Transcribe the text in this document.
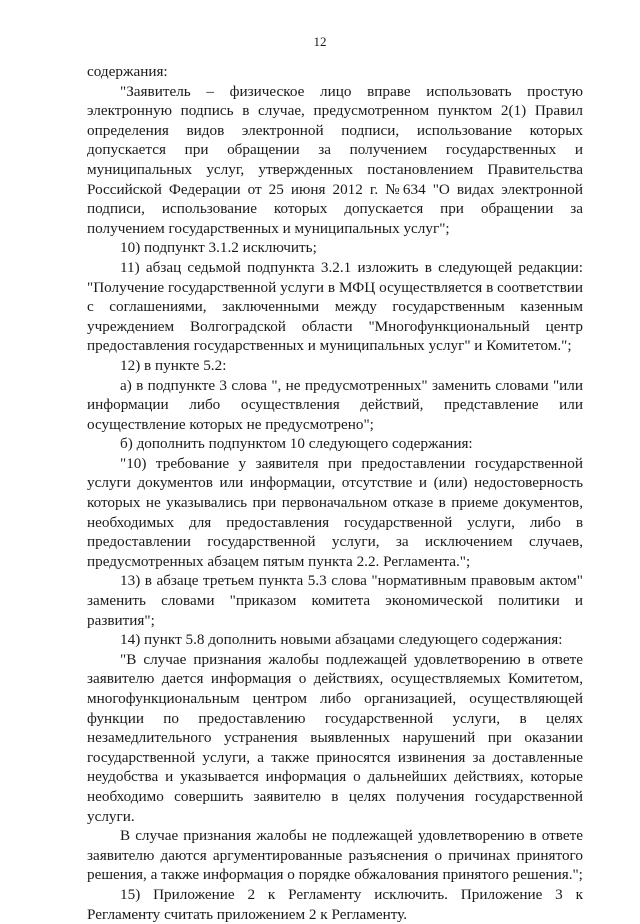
12

содержания:

"Заявитель – физическое лицо вправе использовать простую электронную подпись в случае, предусмотренном пунктом 2(1) Правил определения видов электронной подписи, использование которых допускается при обращении за получением государственных и муниципальных услуг, утвержденных постановлением Правительства Российской Федерации от 25 июня 2012 г. №634 "О видах электронной подписи, использование которых допускается при обращении за получением государственных и муниципальных услуг";

10) подпункт 3.1.2 исключить;

11) абзац седьмой подпункта 3.2.1 изложить в следующей редакции: "Получение государственной услуги в МФЦ осуществляется в соответствии с соглашениями, заключенными между государственным казенным учреждением Волгоградской области "Многофункциональный центр предоставления государственных и муниципальных услуг" и Комитетом.";

12) в пункте 5.2:

а) в подпункте 3 слова ", не предусмотренных" заменить словами "или информации либо осуществления действий, представление или осуществление которых не предусмотрено";

б) дополнить подпунктом 10 следующего содержания:

"10) требование у заявителя при предоставлении государственной услуги документов или информации, отсутствие и (или) недостоверность которых не указывались при первоначальном отказе в приеме документов, необходимых для предоставления государственной услуги, либо в предоставлении государственной услуги, за исключением случаев, предусмотренных абзацем пятым пункта 2.2. Регламента.";

13) в абзаце третьем пункта 5.3 слова "нормативным правовым актом" заменить словами "приказом комитета экономической политики и развития";

14) пункт 5.8 дополнить новыми абзацами следующего содержания:

"В случае признания жалобы подлежащей удовлетворению в ответе заявителю дается информация о действиях, осуществляемых Комитетом, многофункциональным центром либо организацией, осуществляющей функции по предоставлению государственной услуги, в целях незамедлительного устранения выявленных нарушений при оказании государственной услуги, а также приносятся извинения за доставленные неудобства и указывается информация о дальнейших действиях, которые необходимо совершить заявителю в целях получения государственной услуги.

В случае признания жалобы не подлежащей удовлетворению в ответе заявителю даются аргументированные разъяснения о причинах принятого решения, а также информация о порядке обжалования принятого решения.";

15) Приложение 2 к Регламенту исключить. Приложение 3 к Регламенту считать приложением 2 к Регламенту.
